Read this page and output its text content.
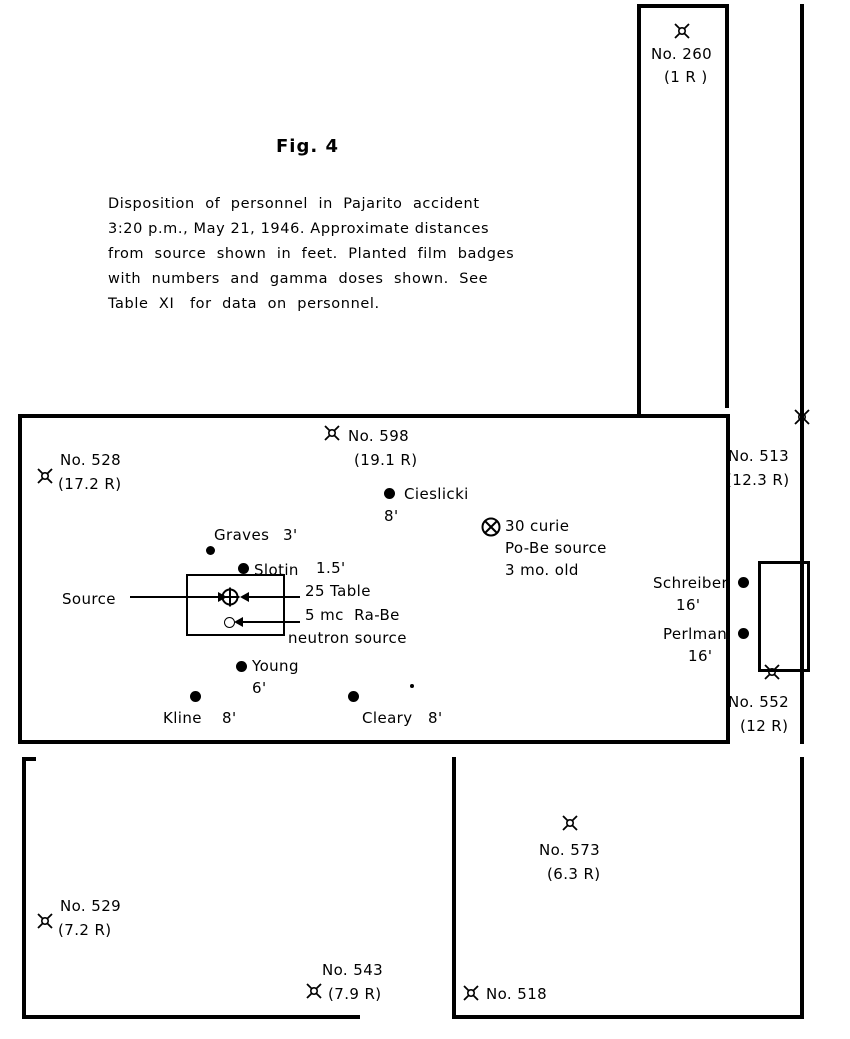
Fig. 4
Disposition  of  personnel  in  Pajarito  accident
3:20 p.m., May 21, 1946. Approximate distances
from  source  shown  in  feet.  Planted  film  badges
with  numbers  and  gamma  doses  shown.  See
Table  XI   for  data  on  personnel.
No. 260
(1 R )
No. 598
(19.1 R)
No. 528
(17.2 R)
No. 513
(12.3 R)
No. 552
(12 R)
No. 529
(7.2 R)
No. 543
(7.9 R)	No. 518
No. 573
(6.3 R)
Cieslicki
8'
Graves 3'
Slotin 1.5'
Young
6'
Kline 8'	Cleary 8'
Schreiber
16'
Perlman
16'
Source	25 Table
5 mc  Ra-Be
neutron source
30 curie
Po-Be source
3 mo. old
